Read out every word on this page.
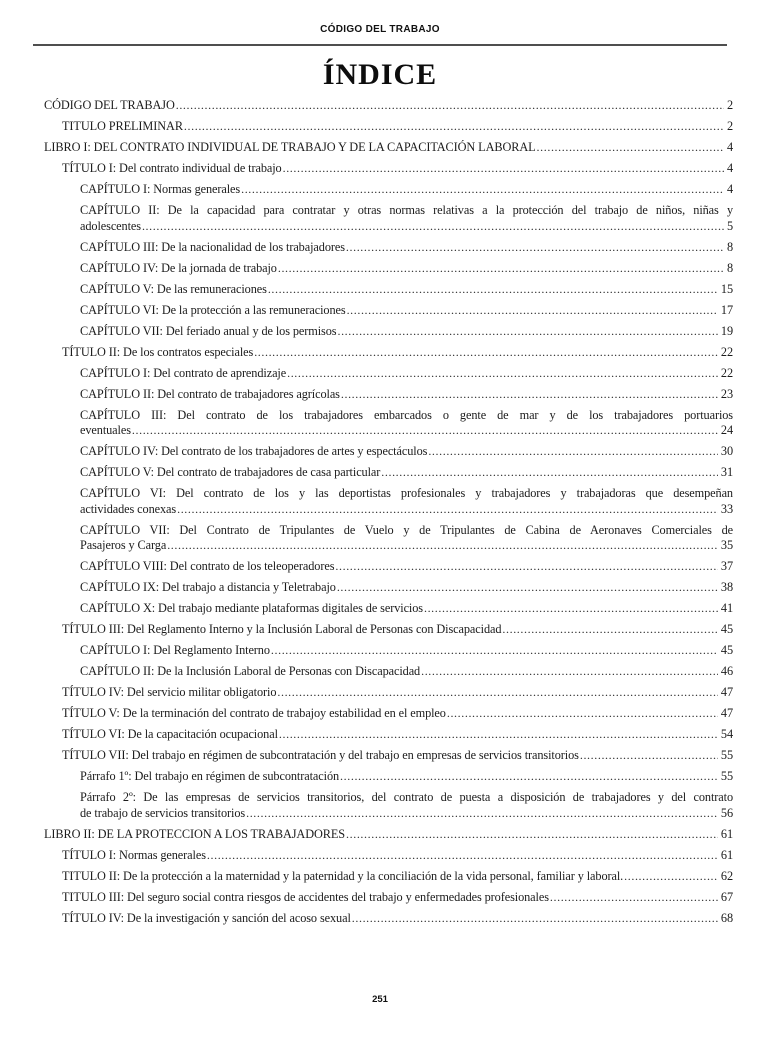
CÓDIGO DEL TRABAJO
ÍNDICE
CÓDIGO DEL TRABAJO .....	2
TITULO PRELIMINAR .....	2
LIBRO I: DEL CONTRATO INDIVIDUAL DE TRABAJO Y DE LA CAPACITACIÓN LABORAL .....	4
TÍTULO I: Del contrato individual de trabajo .....	4
CAPÍTULO I: Normas generales .....	4
CAPÍTULO II: De la capacidad para contratar y otras normas relativas a la protección del trabajo de niños, niñas y
adolescentes .....	5
CAPÍTULO III: De la nacionalidad de los trabajadores .....	8
CAPÍTULO IV: De la jornada de trabajo .....	8
CAPÍTULO V: De las remuneraciones .....	15
CAPÍTULO VI: De la protección a las remuneraciones .....	17
CAPÍTULO VII: Del feriado anual y de los permisos .....	19
TÍTULO II: De los contratos especiales .....	22
CAPÍTULO I: Del contrato de aprendizaje .....	22
CAPÍTULO II: Del contrato de trabajadores agrícolas .....	23
CAPÍTULO III: Del contrato de los trabajadores embarcados o gente de mar y de los trabajadores portuarios
eventuales .....	24
CAPÍTULO IV: Del contrato de los trabajadores de artes y espectáculos .....	30
CAPÍTULO V: Del contrato de trabajadores de casa particular .....	31
CAPÍTULO VI: Del contrato de los y las deportistas profesionales y trabajadores y trabajadoras que desempeñan
actividades conexas .....	33
CAPÍTULO VII: Del Contrato de Tripulantes de Vuelo y de Tripulantes de Cabina de Aeronaves Comerciales de
Pasajeros y Carga .....	35
CAPÍTULO VIII: Del contrato de los teleoperadores .....	37
CAPÍTULO IX: Del trabajo a distancia y Teletrabajo .....	38
CAPÍTULO X: Del trabajo mediante plataformas digitales de servicios .....	41
TÍTULO III: Del Reglamento Interno y la Inclusión Laboral de Personas con Discapacidad .....	45
CAPÍTULO I: Del Reglamento Interno .....	45
CAPÍTULO II: De la Inclusión Laboral de Personas con Discapacidad .....	46
TÍTULO IV: Del servicio militar obligatorio .....	47
TÍTULO V: De la terminación del contrato de trabajoy estabilidad en el empleo .....	47
TÍTULO VI: De la capacitación ocupacional .....	54
TÍTULO VII: Del trabajo en régimen de subcontratación y del trabajo en empresas de servicios transitorios .....	55
Párrafo 1º: Del trabajo en régimen de subcontratación .....	55
Párrafo 2º: De las empresas de servicios transitorios, del contrato de puesta a disposición de trabajadores y del contrato
de trabajo de servicios transitorios .....	56
LIBRO II: DE LA PROTECCION A LOS TRABAJADORES .....	61
TÍTULO I: Normas generales .....	61
TITULO II: De la protección a la maternidad y la paternidad y la conciliación de la vida personal, familiar y laboral. .....	62
TITULO III: Del seguro social contra riesgos de accidentes del trabajo y enfermedades profesionales .....	67
TÍTULO IV: De la investigación y sanción del acoso sexual .....	68
251
